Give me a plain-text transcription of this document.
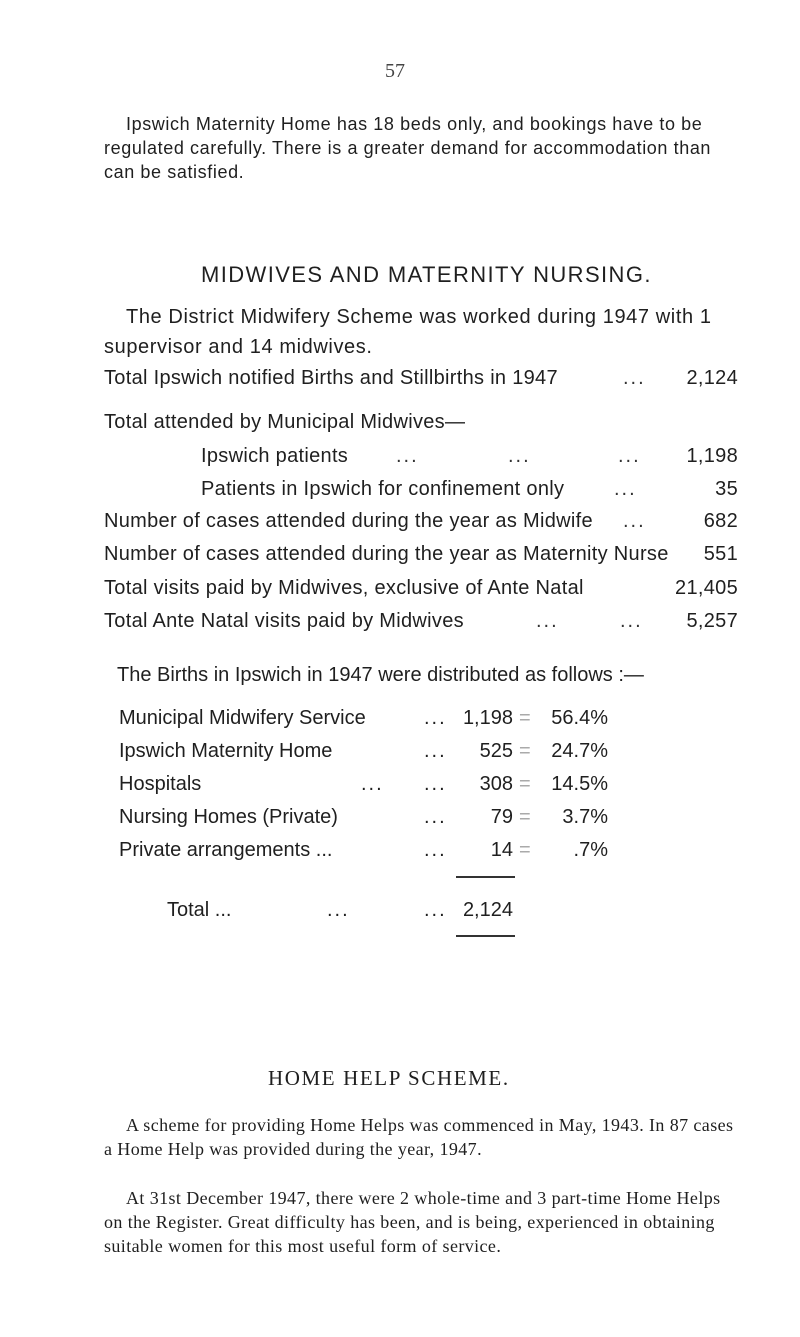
57

Ipswich Maternity Home has 18 beds only, and bookings have to be regulated carefully. There is a greater demand for accommodation than can be satisfied.

MIDWIVES AND MATERNITY NURSING.

The District Midwifery Scheme was worked during 1947 with 1 supervisor and 14 midwives.

Total Ipswich notified Births and Stillbirths in 1947	... 2,124
Total attended by Municipal Midwives—
Ipswich patients ...	...	... 1,198
Patients in Ipswich for confinement only ...	35
Number of cases attended during the year as Midwife ...	682
Number of cases attended during the year as Maternity Nurse 551
Total visits paid by Midwives, exclusive of Ante Natal	21,405
Total Ante Natal visits paid by Midwives	...	... 5,257
The Births in Ipswich in 1947 were distributed as follows :—
Municipal Midwifery Service	... 1,198 =	56.4%
Ipswich Maternity Home	...	525 =	24.7%
Hospitals	... ...	308 =	14.5%
Nursing Homes (Private)	...	79 =	3.7%
Private arrangements ...	...	14 =	.7%
Total ...	...	... 2,124
HOME HELP SCHEME.

A scheme for providing Home Helps was commenced in May, 1943. In 87 cases a Home Help was provided during the year, 1947.

At 31st December 1947, there were 2 whole-time and 3 part-time Home Helps on the Register. Great difficulty has been, and is being, experienced in obtaining suitable women for this most useful form of service.
